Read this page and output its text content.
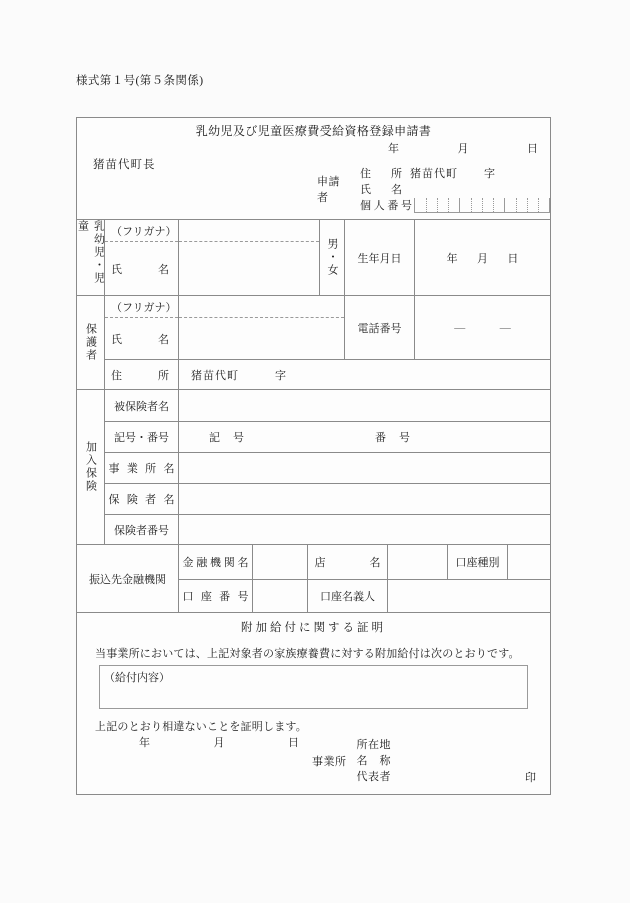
様式第１号(第５条関係)
乳幼児及び児童医療費受給資格登録申請書
年	月	日
猪苗代町長
申請者
住　所 猪苗代町 字
氏　名
個人番号
乳幼児・児童	（フリガナ）
氏　　　名	男・女	生年月日	年 月 日
保護者
（フリガナ）
氏　　　名
電話番号	—	—
住　　　所 猪苗代町	字
加入保険
被保険者名
記号・番号	記　号	番　号
事業所名
保険者名
保険者番号
振込先金融機関
金融機関名	店　　名	口座種別
口座番号	口座名義人
附加給付に関する証明
当事業所においては、上記対象者の家族療養費に対する附加給付は次のとおりです。
（給付内容）
上記のとおり相違ないことを証明します。
年	月	日
事業所
所在地
名　称
代表者	印
